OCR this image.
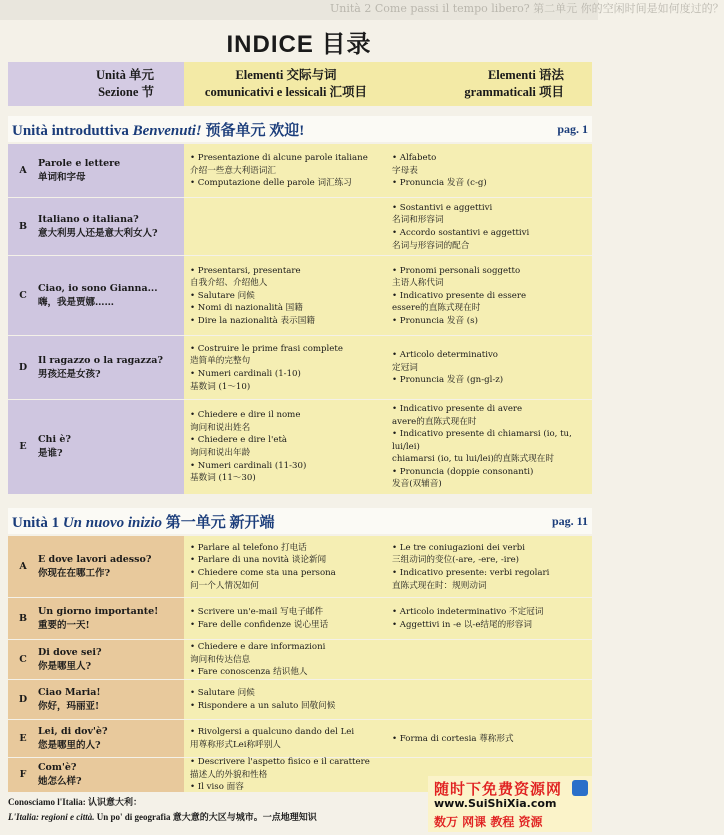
Unità 2 Come passi il tempo libero? 第二单元 你的空闲时间是如何度过的？
INDICE 目录
Unità 单元
Sezione 节
Elementi 交际与词
comunicativi e lessicali 汇项目
Elementi 语法
grammaticali 项目
Unità introduttiva Benvenuti! 预备单元 欢迎!	pag. 1
A
Parole e lettere
单词和字母
• Presentazione di alcune parole italiane
介绍一些意大利语词汇
• Computazione delle parole 词汇练习
• Alfabeto
字母表
• Pronuncia 发音 (c-g)
B
Italiano o italiana?
意大利男人还是意大利女人?
• Sostantivi e aggettivi
名词和形容词
• Accordo sostantivi e aggettivi
名词与形容词的配合
C
Ciao, io sono Gianna...
嗨，我是贾娜……
• Presentarsi, presentare
自我介绍、介绍他人
• Salutare 问候
• Nomi di nazionalità 国籍
• Dire la nazionalità 表示国籍
• Pronomi personali soggetto
主语人称代词
• Indicativo presente di essere
essere的直陈式现在时
• Pronuncia 发音 (s)
D
Il ragazzo o la ragazza?
男孩还是女孩?
• Costruire le prime frasi complete
造简单的完整句
• Numeri cardinali (1-10)
基数词 (1～10)
• Articolo determinativo
定冠词
• Pronuncia 发音 (gn-gl-z)
E
Chi è?
是谁?
• Chiedere e dire il nome
询问和说出姓名
• Chiedere e dire l'età
询问和说出年龄
• Numeri cardinali (11-30)
基数词 (11～30)
• Indicativo presente di avere
avere的直陈式现在时
• Indicativo presente di chiamarsi (io, tu, lui/lei)
chiamarsi (io, tu lui/lei)的直陈式现在时
• Pronuncia (doppie consonanti)
发音(双辅音)
Unità 1 Un nuovo inizio 第一单元 新开端	pag. 11
A
E dove lavori adesso?
你现在在哪工作?
• Parlare al telefono 打电话
• Parlare di una novità 谈论新闻
• Chiedere come sta una persona
问一个人情况如何
• Le tre coniugazioni dei verbi
三组动词的变位(-are, -ere, -ire)
• Indicativo presente: verbi regolari
直陈式现在时：规则动词
B
Un giorno importante!
重要的一天!
• Scrivere un'e-mail 写电子邮件
• Fare delle confidenze 说心里话
• Articolo indeterminativo 不定冠词
• Aggettivi in -e 以-e结尾的形容词
C
Di dove sei?
你是哪里人?
• Chiedere e dare informazioni
询问和传达信息
• Fare conoscenza 结识他人
D
Ciao Maria!
你好，玛丽亚!
• Salutare 问候
• Rispondere a un saluto 回敬问候
E
Lei, di dov'è?
您是哪里的人?
• Rivolgersi a qualcuno dando del Lei
用尊称形式Lei称呼别人
• Forma di cortesia 尊称形式
F
Com'è?
她怎么样?
• Descrivere l'aspetto fisico e il carattere
描述人的外貌和性格
• Il viso 面容
Conosciamo l'Italia: 认识意大利：
L'Italia: regioni e città. Un po' di geografia 意大意的大区与城市。一点地理知识
随时下免费资源网
www.SuiShiXia.com
数万 网课 教程 资源
